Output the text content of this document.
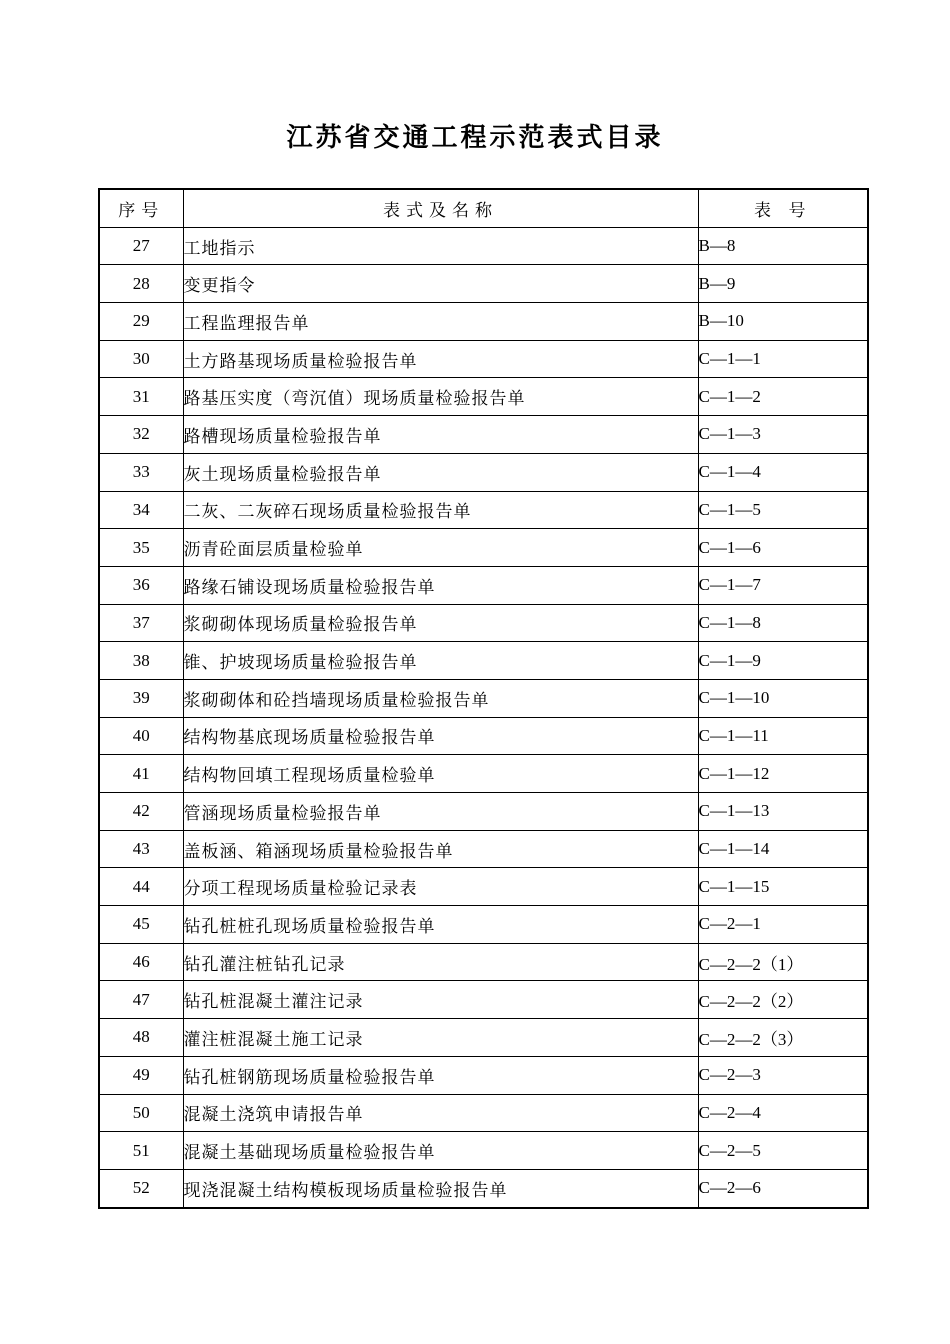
江苏省交通工程示范表式目录
序号	表式及名称	表 号
27	工地指示	B—8
28	变更指令	B—9
29	工程监理报告单	B—10
30	土方路基现场质量检验报告单	C—1—1
31	路基压实度（弯沉值）现场质量检验报告单	C—1—2
32	路槽现场质量检验报告单	C—1—3
33	灰土现场质量检验报告单	C—1—4
34	二灰、二灰碎石现场质量检验报告单	C—1—5
35	沥青砼面层质量检验单	C—1—6
36	路缘石铺设现场质量检验报告单	C—1—7
37	浆砌砌体现场质量检验报告单	C—1—8
38	锥、护坡现场质量检验报告单	C—1—9
39	浆砌砌体和砼挡墙现场质量检验报告单	C—1—10
40	结构物基底现场质量检验报告单	C—1—11
41	结构物回填工程现场质量检验单	C—1—12
42	管涵现场质量检验报告单	C—1—13
43	盖板涵、箱涵现场质量检验报告单	C—1—14
44	分项工程现场质量检验记录表	C—1—15
45	钻孔桩桩孔现场质量检验报告单	C—2—1
46	钻孔灌注桩钻孔记录	C—2—2（1）
47	钻孔桩混凝土灌注记录	C—2—2（2）
48	灌注桩混凝土施工记录	C—2—2（3）
49	钻孔桩钢筋现场质量检验报告单	C—2—3
50	混凝土浇筑申请报告单	C—2—4
51	混凝土基础现场质量检验报告单	C—2—5
52	现浇混凝土结构模板现场质量检验报告单	C—2—6
